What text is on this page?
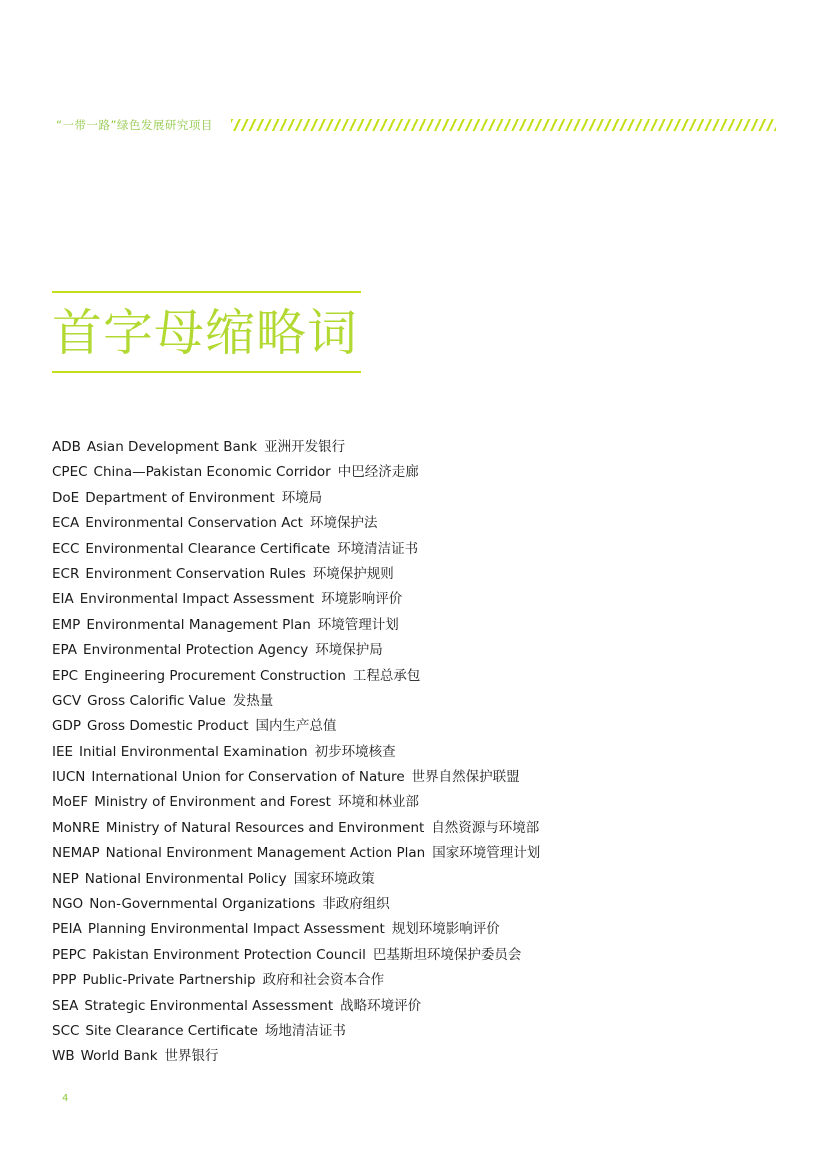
“一带一路”绿色发展研究项目
首字母缩略词
ADB Asian Development Bank 亚洲开发银行
CPEC China—Pakistan Economic Corridor 中巴经济走廊
DoE Department of Environment 环境局
ECA Environmental Conservation Act 环境保护法
ECC Environmental Clearance Certificate 环境清洁证书
ECR Environment Conservation Rules 环境保护规则
EIA Environmental Impact Assessment 环境影响评价
EMP Environmental Management Plan 环境管理计划
EPA Environmental Protection Agency 环境保护局
EPC Engineering Procurement Construction 工程总承包
GCV Gross Calorific Value 发热量
GDP Gross Domestic Product 国内生产总值
IEE Initial Environmental Examination 初步环境核查
IUCN International Union for Conservation of Nature 世界自然保护联盟
MoEF Ministry of Environment and Forest 环境和林业部
MoNRE Ministry of Natural Resources and Environment 自然资源与环境部
NEMAP National Environment Management Action Plan 国家环境管理计划
NEP National Environmental Policy 国家环境政策
NGO Non-Governmental Organizations 非政府组织
PEIA Planning Environmental Impact Assessment 规划环境影响评价
PEPC Pakistan Environment Protection Council 巴基斯坦环境保护委员会
PPP Public-Private Partnership 政府和社会资本合作
SEA Strategic Environmental Assessment 战略环境评价
SCC Site Clearance Certificate 场地清洁证书
WB World Bank 世界银行
4
